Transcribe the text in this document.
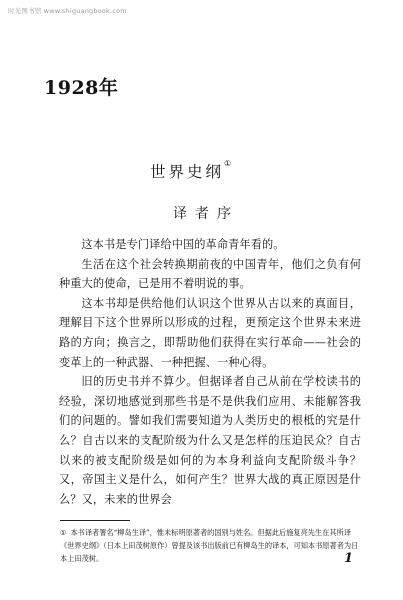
时光图书馆 www.shiguangbook.com
1928年
世界史纲①
译者序

这本书是专门译给中国的革命青年看的。

生活在这个社会转换期前夜的中国青年，他们之负有何种重大的使命，已是用不着明说的事。

这本书却是供给他们认识这个世界从古以来的真面目，理解目下这个世界所以形成的过程，更预定这个世界未来进路的方向；换言之，即帮助他们获得在实行革命——社会的变革上的一种武器、一种把握、一种心得。

旧的历史书并不算少。但据译者自己从前在学校读书的经验，深切地感觉到那些书是不是供我们应用、未能解答我们的问题的。譬如我们需要知道为人类历史的根柢的究是什么？自古以来的支配阶级为什么又是怎样的压迫民众？自古以来的被支配阶级是如何的为本身利益向支配阶级斗争？又，帝国主义是什么，如何产生？世界大战的真正原因是什么？又，未来的世界会

① 本书译者署名“柳岛生译”，惟未标明原著者的国别与姓名。但据此后施复亮先生在其所译《世界史纲》（日本上田茂树原作）曾提及该书出版前已有柳岛生的译本，可知本书原著者为日本上田茂树。	1
